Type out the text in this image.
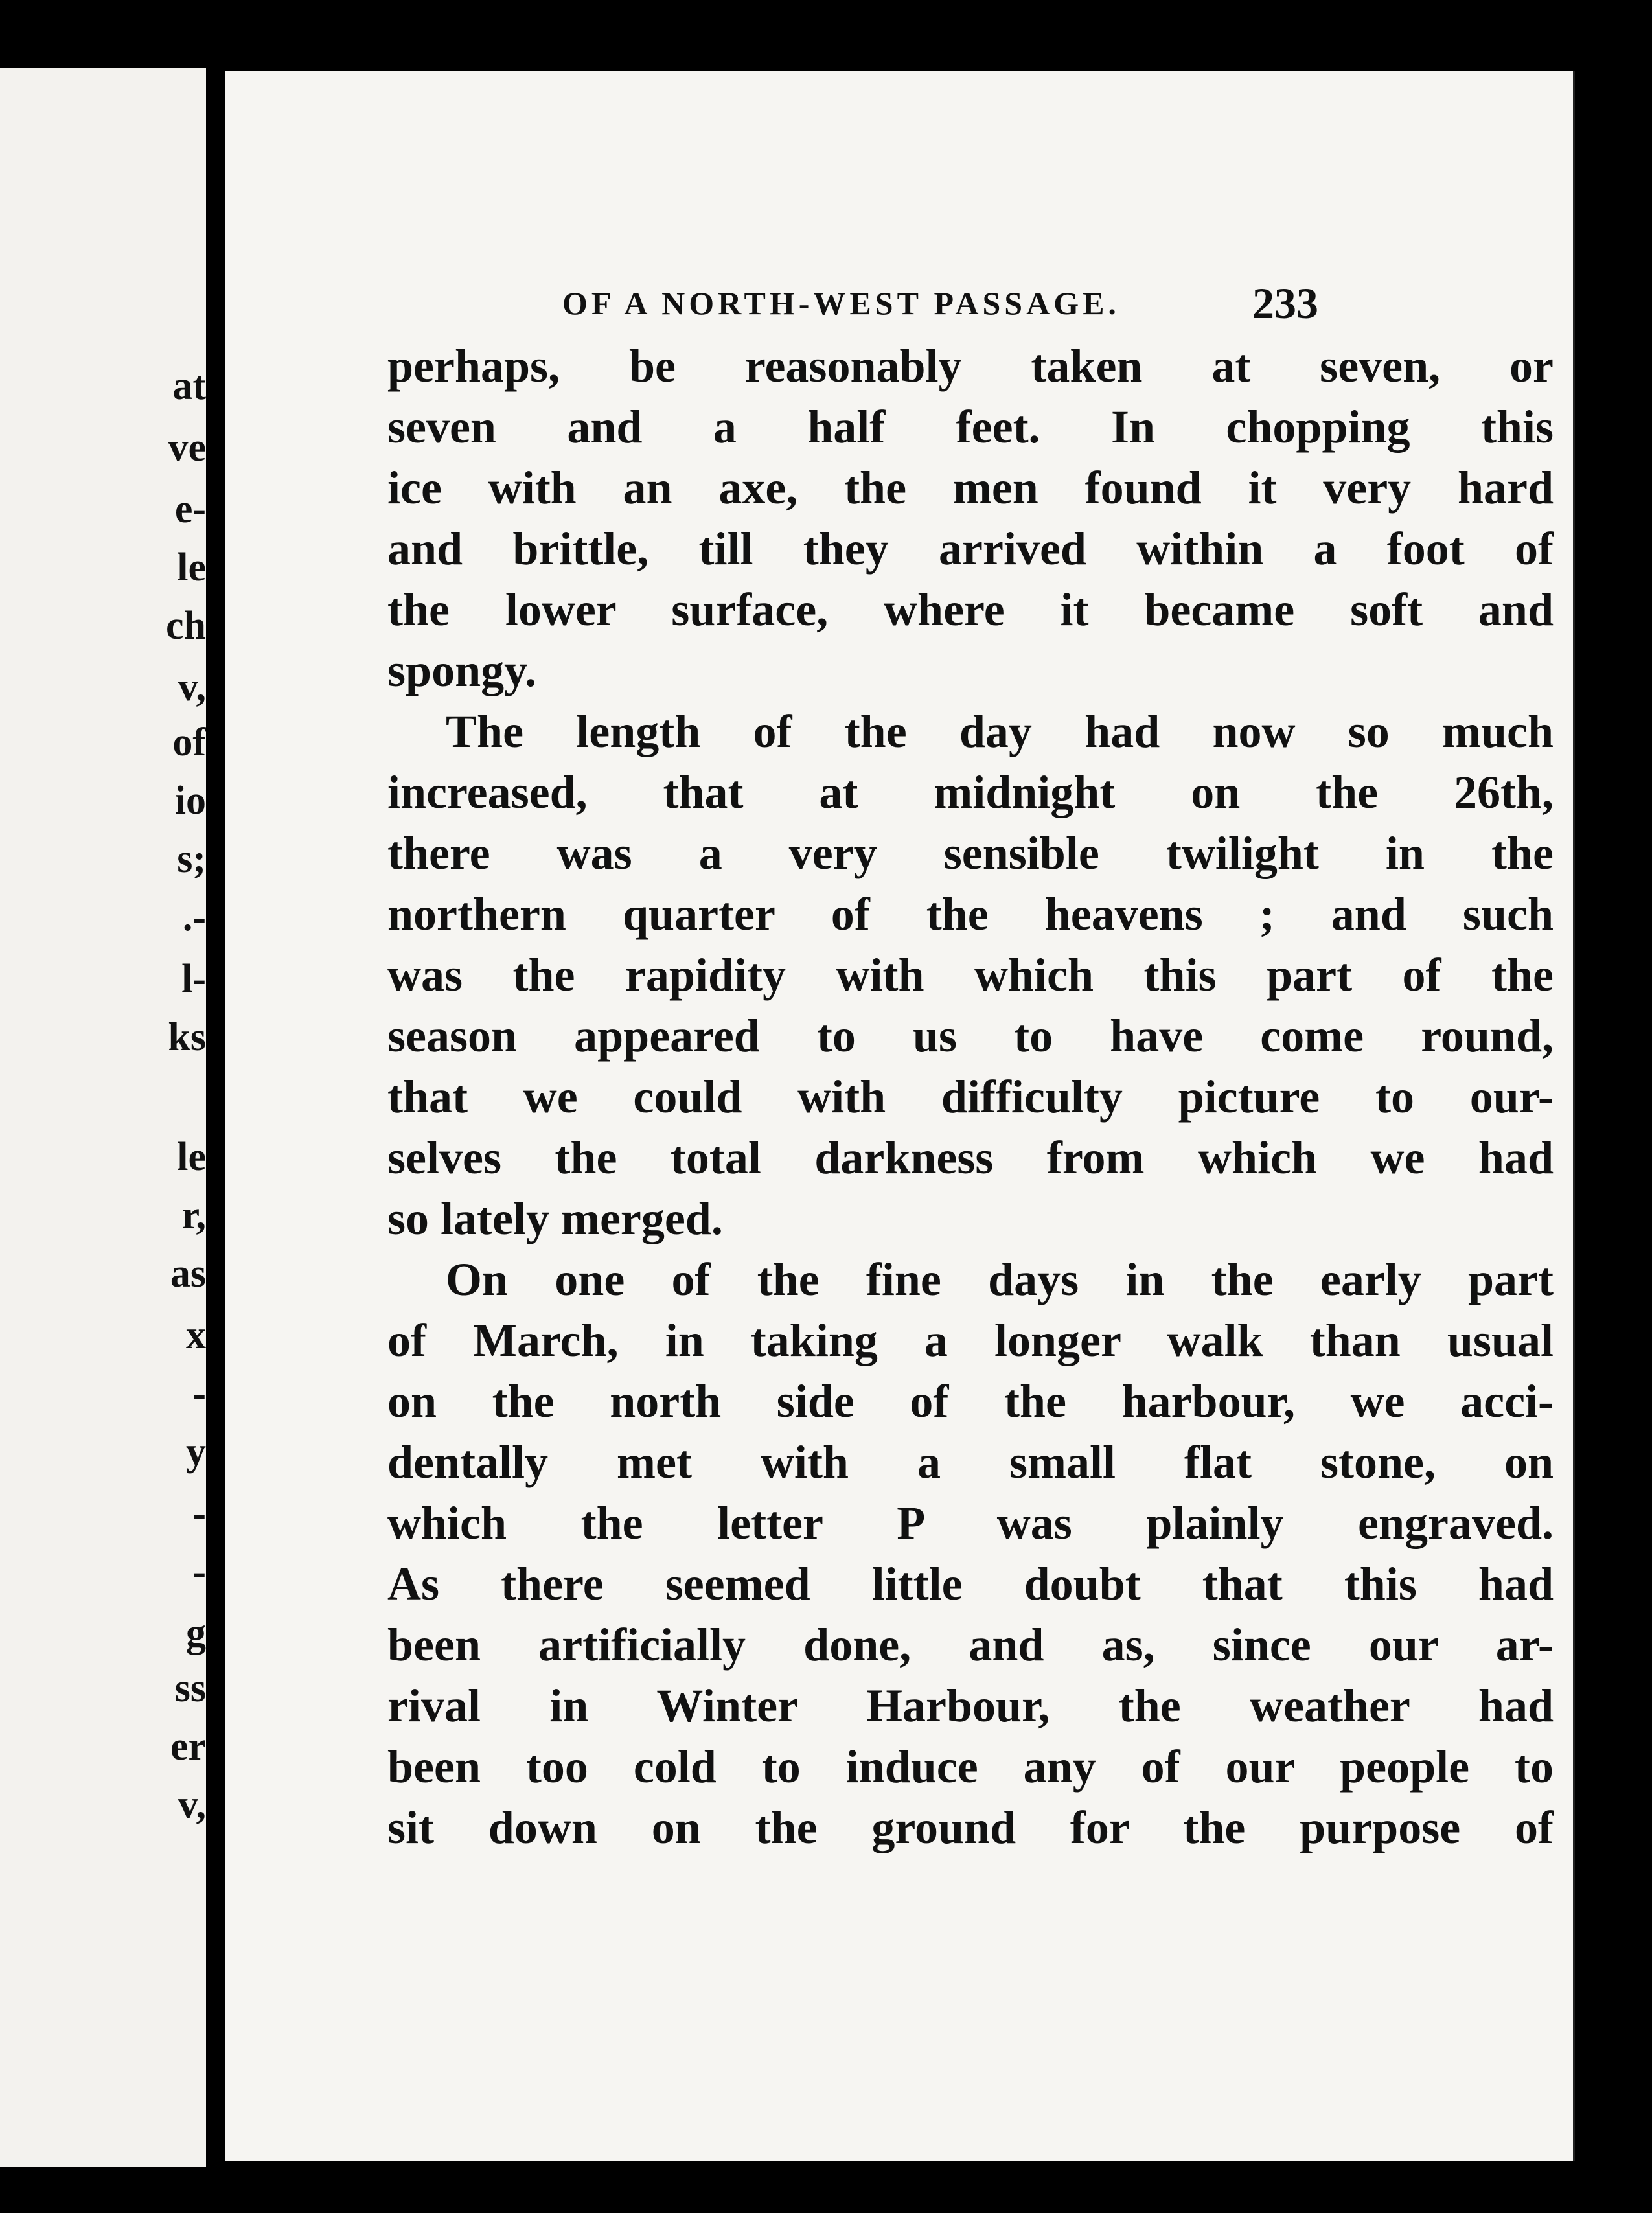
at
ve
e-
le
ch
v,
of
io
s;
.-
l-
ks
le
r,
as
x
-
y
-
-
g
ss
er
v,
OF A NORTH-WEST PASSAGE.	233
perhaps, be reasonably taken at seven, or
seven and a half feet. In chopping this
ice with an axe, the men found it very hard
and brittle, till they arrived within a foot of
the lower surface, where it became soft and
spongy.
The length of the day had now so much
increased, that at midnight on the 26th,
there was a very sensible twilight in the
northern quarter of the heavens ; and such
was the rapidity with which this part of the
season appeared to us to have come round,
that we could with difficulty picture to our-
selves the total darkness from which we had
so lately merged.
On one of the fine days in the early part
of March, in taking a longer walk than usual
on the north side of the harbour, we acci-
dentally met with a small flat stone, on
which the letter P was plainly engraved.
As there seemed little doubt that this had
been artificially done, and as, since our ar-
rival in Winter Harbour, the weather had
been too cold to induce any of our people to
sit down on the ground for the purpose of
